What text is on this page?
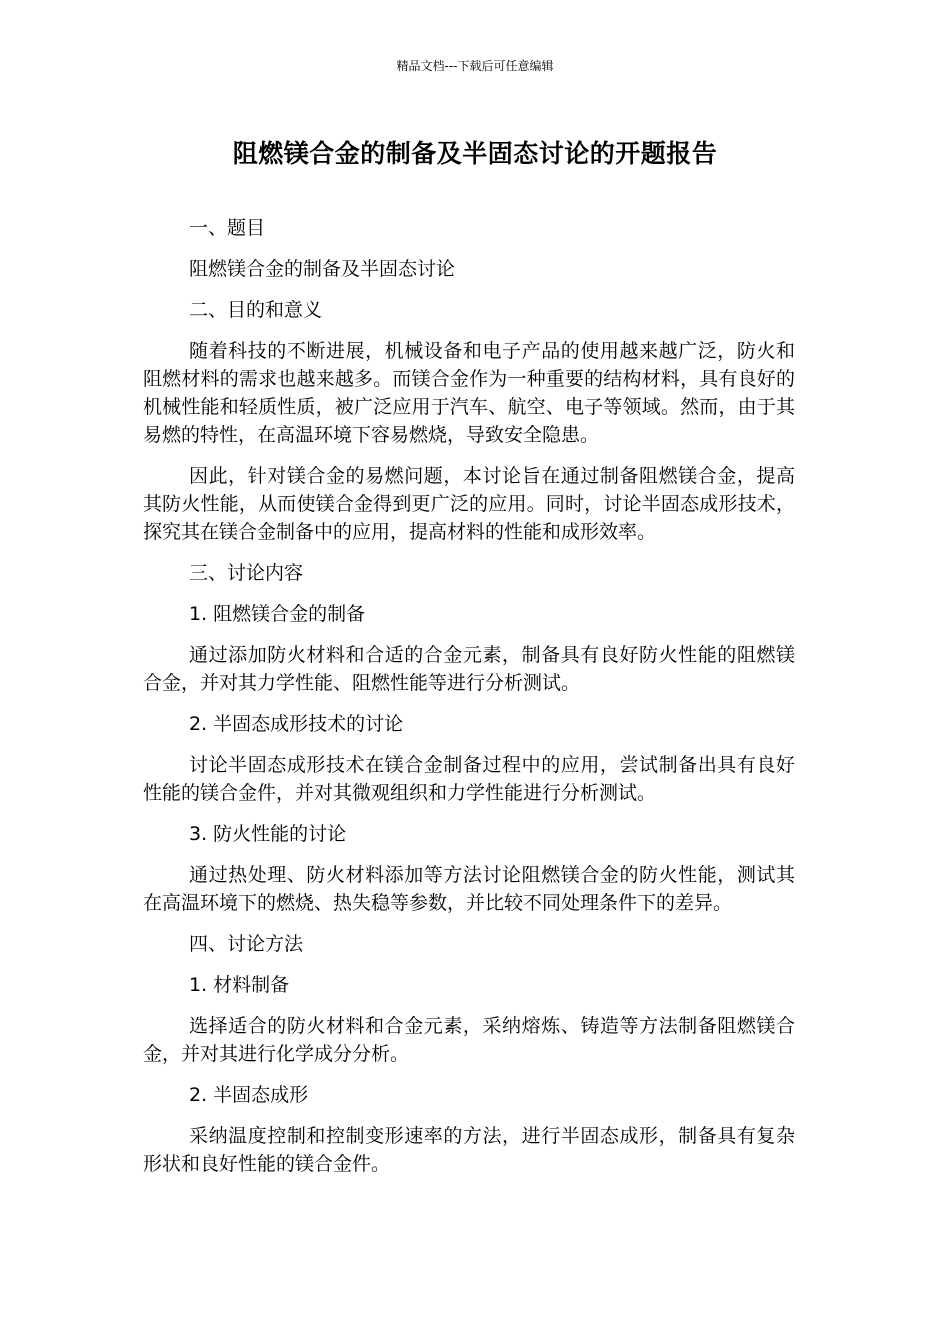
精品文档---下载后可任意编辑
阻燃镁合金的制备及半固态讨论的开题报告

一、题目

阻燃镁合金的制备及半固态讨论

二、目的和意义

随着科技的不断进展，机械设备和电子产品的使用越来越广泛，防火和阻燃材料的需求也越来越多。而镁合金作为一种重要的结构材料，具有良好的机械性能和轻质性质，被广泛应用于汽车、航空、电子等领域。然而，由于其易燃的特性，在高温环境下容易燃烧，导致安全隐患。

因此，针对镁合金的易燃问题，本讨论旨在通过制备阻燃镁合金，提高其防火性能，从而使镁合金得到更广泛的应用。同时，讨论半固态成形技术，探究其在镁合金制备中的应用，提高材料的性能和成形效率。

三、讨论内容

1. 阻燃镁合金的制备

通过添加防火材料和合适的合金元素，制备具有良好防火性能的阻燃镁合金，并对其力学性能、阻燃性能等进行分析测试。

2. 半固态成形技术的讨论

讨论半固态成形技术在镁合金制备过程中的应用，尝试制备出具有良好性能的镁合金件，并对其微观组织和力学性能进行分析测试。

3. 防火性能的讨论

通过热处理、防火材料添加等方法讨论阻燃镁合金的防火性能，测试其在高温环境下的燃烧、热失稳等参数，并比较不同处理条件下的差异。

四、讨论方法

1. 材料制备

选择适合的防火材料和合金元素，采纳熔炼、铸造等方法制备阻燃镁合金，并对其进行化学成分分析。

2. 半固态成形

采纳温度控制和控制变形速率的方法，进行半固态成形，制备具有复杂形状和良好性能的镁合金件。
